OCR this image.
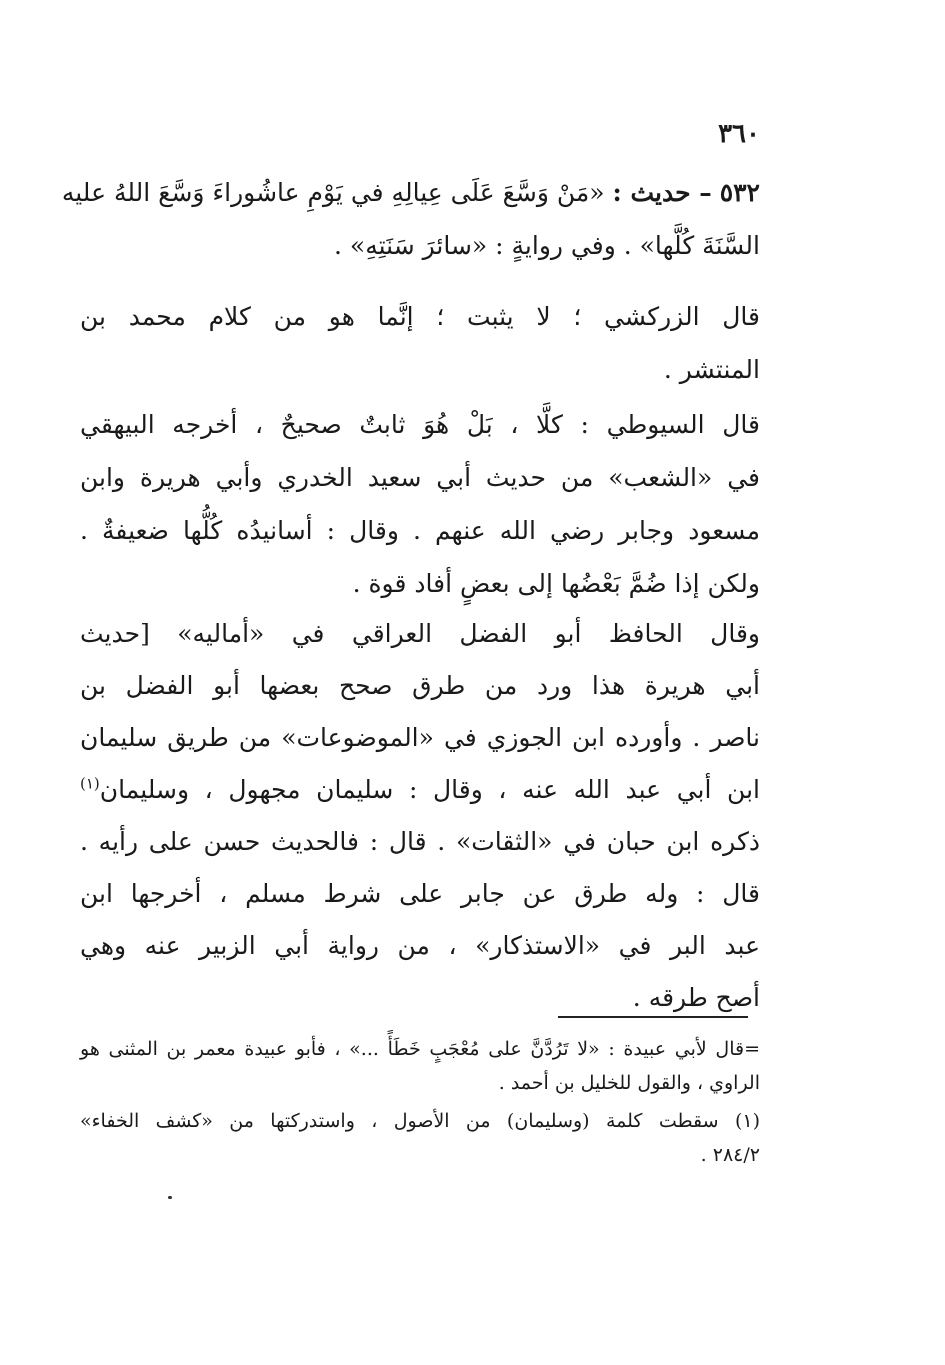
٣٦٠
٥٣٢ – حديث : «مَنْ وَسَّعَ عَلَى عِيالِهِ في يَوْمِ عاشُوراءَ وَسَّعَ اللهُ عليه
السَّنَةَ كُلَّها» . وفي روايةٍ : «سائرَ سَنَتِهِ» .
قال الزركشي ؛ لا يثبت ؛ إنَّما هو من كلام محمد بن
المنتشر .
قال السيوطي : كلَّا ، بَلْ هُوَ ثابتٌ صحيحٌ ، أخرجه البيهقي
في «الشعب» من حديث أبي سعيد الخدري وأبي هريرة وابن
مسعود وجابر رضي الله عنهم . وقال : أسانيدُه كُلُّها ضعيفةٌ .
ولكن إذا ضُمَّ بَعْضُها إلى بعضٍ أفاد قوة .
وقال الحافظ أبو الفضل العراقي في «أماليه» [حديث
أبي هريرة هذا ورد من طرق صحح بعضها أبو الفضل بن
ناصر . وأورده ابن الجوزي في «الموضوعات» من طريق سليمان
ابن أبي عبد الله عنه ، وقال : سليمان مجهول ، وسليمان$^{(١)}$
ذكره ابن حبان في «الثقات» . قال : فالحديث حسن على رأيه .
قال : وله طرق عن جابر على شرط مسلم ، أخرجها ابن
عبد البر في «الاستذكار» ، من رواية أبي الزبير عنه وهي
أصح طرقه .
=قال لأبي عبيدة : «لا تَرُدَّنَّ على مُعْجَبٍ خَطَأً ...» ، فأبو عبيدة معمر بن المثنى هو
الراوي ، والقول للخليل بن أحمد .
(١) سقطت كلمة (وسليمان) من الأصول ، واستدركتها من «كشف الخفاء»
٢٨٤/٢ .
